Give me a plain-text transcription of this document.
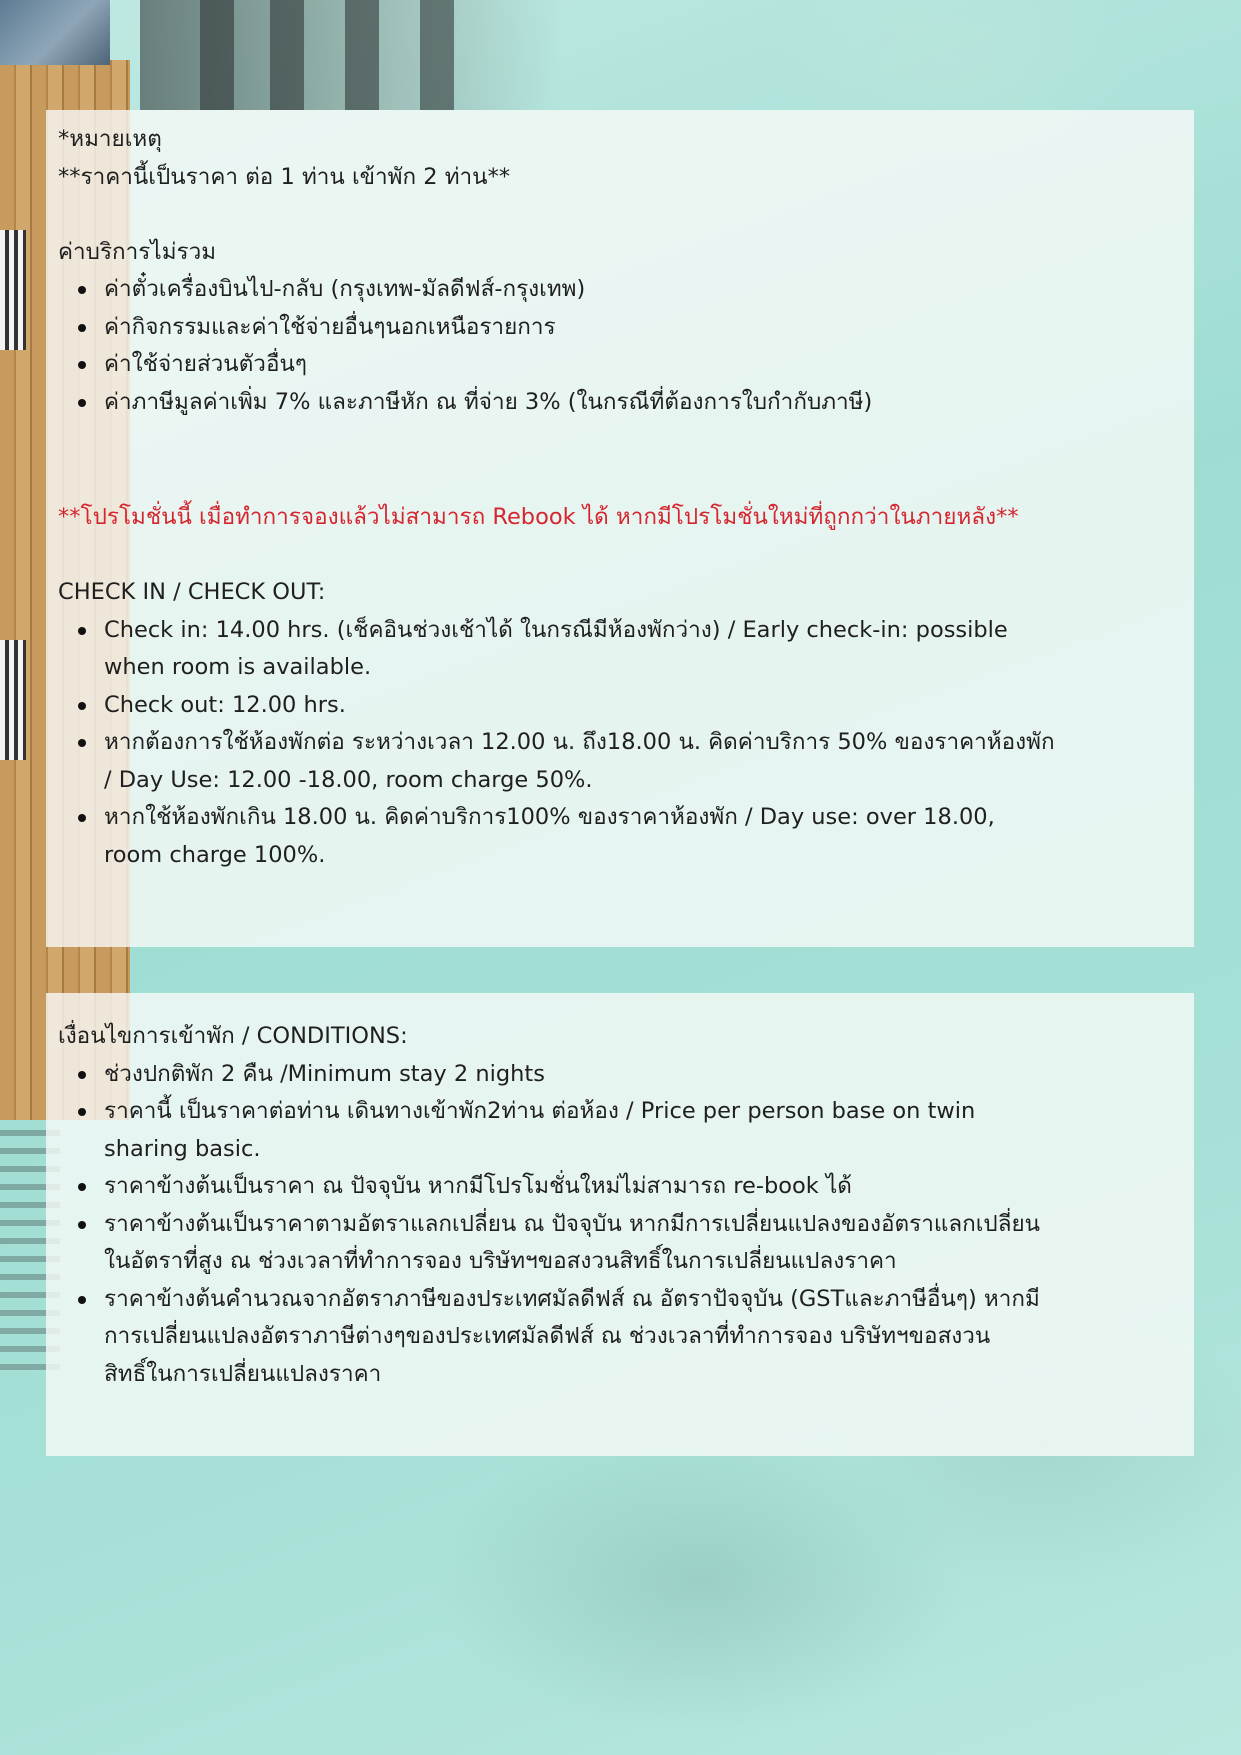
*หมายเหตุ

**ราคานี้เป็นราคา ต่อ 1 ท่าน เข้าพัก 2 ท่าน**

ค่าบริการไม่รวม

ค่าตั๋วเครื่องบินไป-กลับ (กรุงเทพ-มัลดีฟส์-กรุงเทพ)

ค่ากิจกรรมและค่าใช้จ่ายอื่นๆนอกเหนือรายการ

ค่าใช้จ่ายส่วนตัวอื่นๆ

ค่าภาษีมูลค่าเพิ่ม 7% และภาษีหัก ณ ที่จ่าย 3% (ในกรณีที่ต้องการใบกำกับภาษี)

**โปรโมชั่นนี้ เมื่อทำการจองแล้วไม่สามารถ Rebook ได้ หากมีโปรโมชั่นใหม่ที่ถูกกว่าในภายหลัง**

CHECK IN / CHECK OUT:

Check in: 14.00 hrs. (เช็คอินช่วงเช้าได้ ในกรณีมีห้องพักว่าง) / Early check-in: possible

when room is available.

Check out: 12.00 hrs.

หากต้องการใช้ห้องพักต่อ ระหว่างเวลา 12.00 น. ถึง18.00 น. คิดค่าบริการ 50% ของราคาห้องพัก

/ Day Use: 12.00 -18.00, room charge 50%.

หากใช้ห้องพักเกิน 18.00 น. คิดค่าบริการ100% ของราคาห้องพัก / Day use: over 18.00,

room charge 100%.

เงื่อนไขการเข้าพัก / CONDITIONS:

ช่วงปกติพัก 2 คืน /Minimum stay 2 nights

ราคานี้ เป็นราคาต่อท่าน เดินทางเข้าพัก2ท่าน ต่อห้อง / Price per person base on twin

sharing basic.

ราคาข้างต้นเป็นราคา ณ ปัจจุบัน หากมีโปรโมชั่นใหม่ไม่สามารถ re-book ได้

ราคาข้างต้นเป็นราคาตามอัตราแลกเปลี่ยน ณ ปัจจุบัน หากมีการเปลี่ยนแปลงของอัตราแลกเปลี่ยน

ในอัตราที่สูง ณ ช่วงเวลาที่ทำการจอง บริษัทฯขอสงวนสิทธิ์ในการเปลี่ยนแปลงราคา

ราคาข้างต้นคำนวณจากอัตราภาษีของประเทศมัลดีฟส์ ณ อัตราปัจจุบัน (GSTและภาษีอื่นๆ) หากมี

การเปลี่ยนแปลงอัตราภาษีต่างๆของประเทศมัลดีฟส์ ณ ช่วงเวลาที่ทำการจอง บริษัทฯขอสงวน

สิทธิ์ในการเปลี่ยนแปลงราคา
